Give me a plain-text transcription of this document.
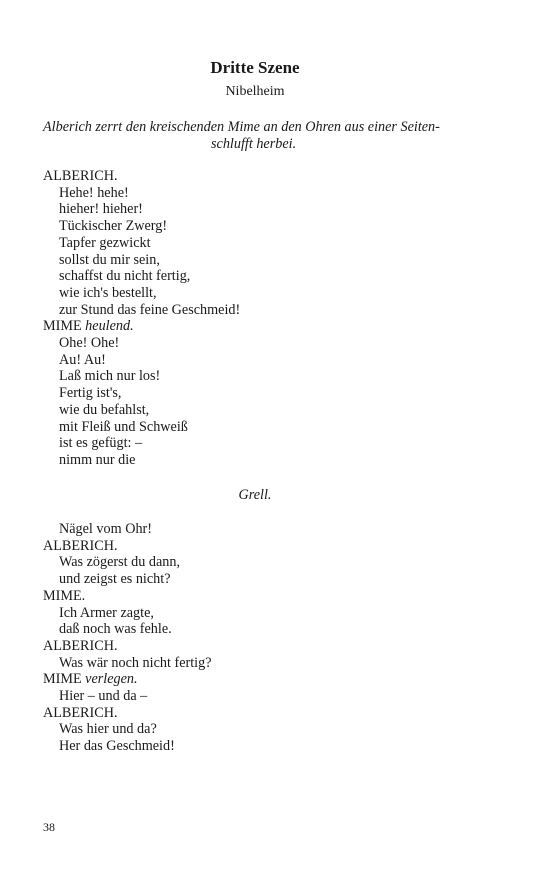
Dritte Szene
Nibelheim
Alberich zerrt den kreischenden Mime an den Ohren aus einer Seiten-
schlufft herbei.
ALBERICH.
Hehe! hehe!
hieher! hieher!
Tückischer Zwerg!
Tapfer gezwickt
sollst du mir sein,
schaffst du nicht fertig,
wie ich's bestellt,
zur Stund das feine Geschmeid!
MIME heulend.
Ohe! Ohe!
Au! Au!
Laß mich nur los!
Fertig ist's,
wie du befahlst,
mit Fleiß und Schweiß
ist es gefügt: –
nimm nur die
Grell.
Nägel vom Ohr!
ALBERICH.
Was zögerst du dann,
und zeigst es nicht?
MIME.
Ich Armer zagte,
daß noch was fehle.
ALBERICH.
Was wär noch nicht fertig?
MIME verlegen.
Hier – und da –
ALBERICH.
Was hier und da?
Her das Geschmeid!
38
